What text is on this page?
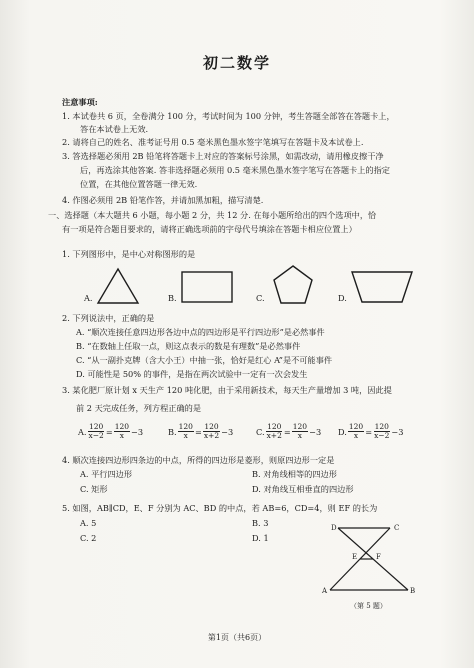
初二数学
注意事项:
1. 本试卷共 6 页，全卷满分 100 分，考试时间为 100 分钟，考生答题全部答在答题卡上，
答在本试卷上无效.
2. 请将自己的姓名、准考证号用 0.5 毫米黑色墨水签字笔填写在答题卡及本试卷上.
3. 答选择题必须用 2B 铅笔将答题卡上对应的答案标号涂黑，如需改动，请用橡皮擦干净
后，再选涂其他答案. 答非选择题必须用 0.5 毫米黑色墨水签字笔写在答题卡上的指定
位置，在其他位置答题一律无效.
4. 作图必须用 2B 铅笔作答，并请加黑加粗，描写清楚.
一、选择题（本大题共 6 小题，每小题 2 分，共 12 分. 在每小题所给出的四个选项中，恰
有一项是符合题目要求的，请将正确选项前的字母代号填涂在答题卡相应位置上）
1. 下列图形中，是中心对称图形的是
A.	B.	C.	D.
2. 下列说法中，正确的是
A. “顺次连接任意四边形各边中点的四边形是平行四边形”是必然事件
B. “在数轴上任取一点，则这点表示的数是有理数”是必然事件
C. “从一副扑克牌（含大小王）中抽一张，恰好是红心 A”是不可能事件
D. 可能性是 50% 的事件，是指在两次试验中一定有一次会发生
3. 某化肥厂原计划 x 天生产 120 吨化肥，由于采用新技术，每天生产量增加 3 吨，因此提
前 2 天完成任务，列方程正确的是
A. $\frac{120}{x-2} = \frac{120}{x} -3$	B. $\frac{120}{x} = \frac{120}{x+2} -3$	C. $\frac{120}{x+2} = \frac{120}{x} -3$ D. $\frac{120}{x} = \frac{120}{x-2} -3$
4. 顺次连接四边形四条边的中点，所得的四边形是菱形，则原四边形一定是
A. 平行四边形	B. 对角线相等的四边形
C. 矩形	D. 对角线互相垂直的四边形
5. 如图，AB∥CD，E、F 分别为 AC、BD 的中点，若 AB=6，CD=4，则 EF 的长为
A. 5	B. 3
C. 2	D. 1
D	C
E	F
A	B
（第 5 题）
第1页（共6页）
